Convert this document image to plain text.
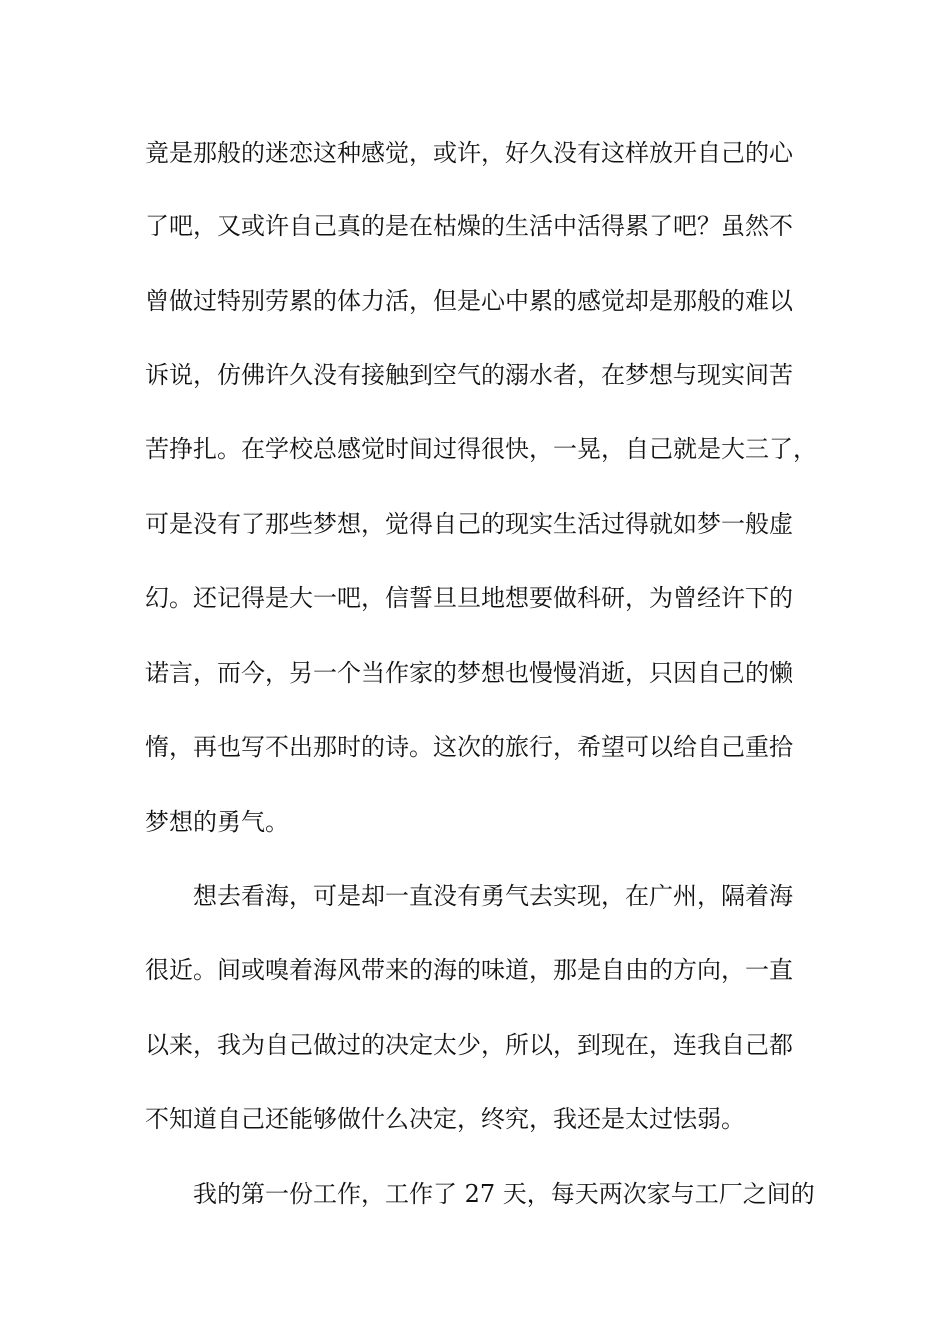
竟是那般的迷恋这种感觉，或许，好久没有这样放开自己的心
了吧，又或许自己真的是在枯燥的生活中活得累了吧？虽然不
曾做过特别劳累的体力活，但是心中累的感觉却是那般的难以
诉说，仿佛许久没有接触到空气的溺水者，在梦想与现实间苦
苦挣扎。在学校总感觉时间过得很快，一晃，自己就是大三了，
可是没有了那些梦想，觉得自己的现实生活过得就如梦一般虚
幻。还记得是大一吧，信誓旦旦地想要做科研，为曾经许下的
诺言，而今，另一个当作家的梦想也慢慢消逝，只因自己的懒
惰，再也写不出那时的诗。这次的旅行，希望可以给自己重拾
梦想的勇气。
想去看海，可是却一直没有勇气去实现，在广州，隔着海
很近。间或嗅着海风带来的海的味道，那是自由的方向，一直
以来，我为自己做过的决定太少，所以，到现在，连我自己都
不知道自己还能够做什么决定，终究，我还是太过怯弱。
我的第一份工作，工作了 27 天，每天两次家与工厂之间的
